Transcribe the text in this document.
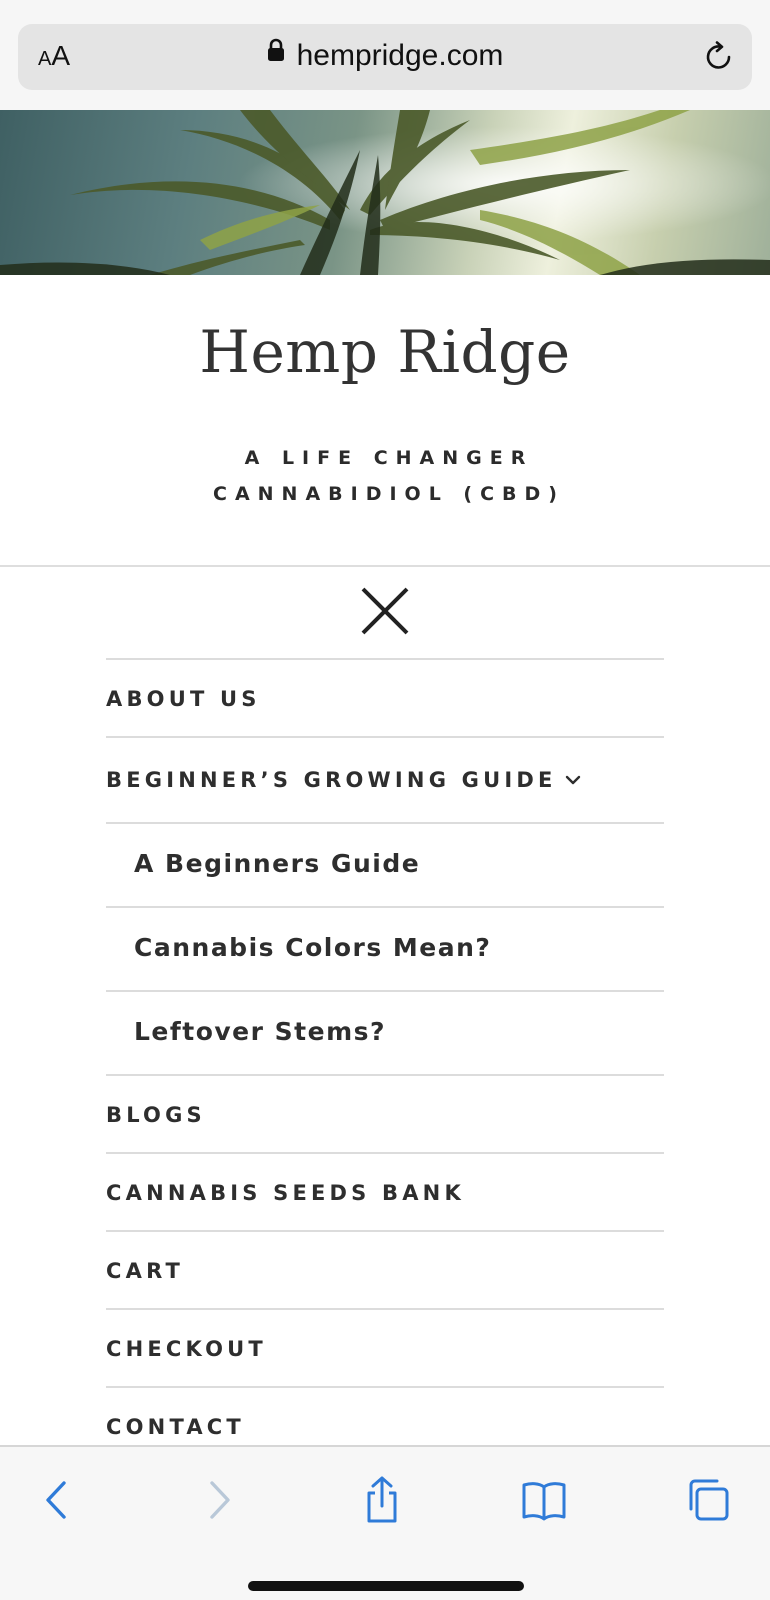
AA	hempridge.com
Hemp Ridge
A LIFE CHANGER
CANNABIDIOL (CBD)
ABOUT US
BEGINNER’S GROWING GUIDE
A Beginners Guide
Cannabis Colors Mean?
Leftover Stems?
BLOGS
CANNABIS SEEDS BANK
CART
CHECKOUT
CONTACT
